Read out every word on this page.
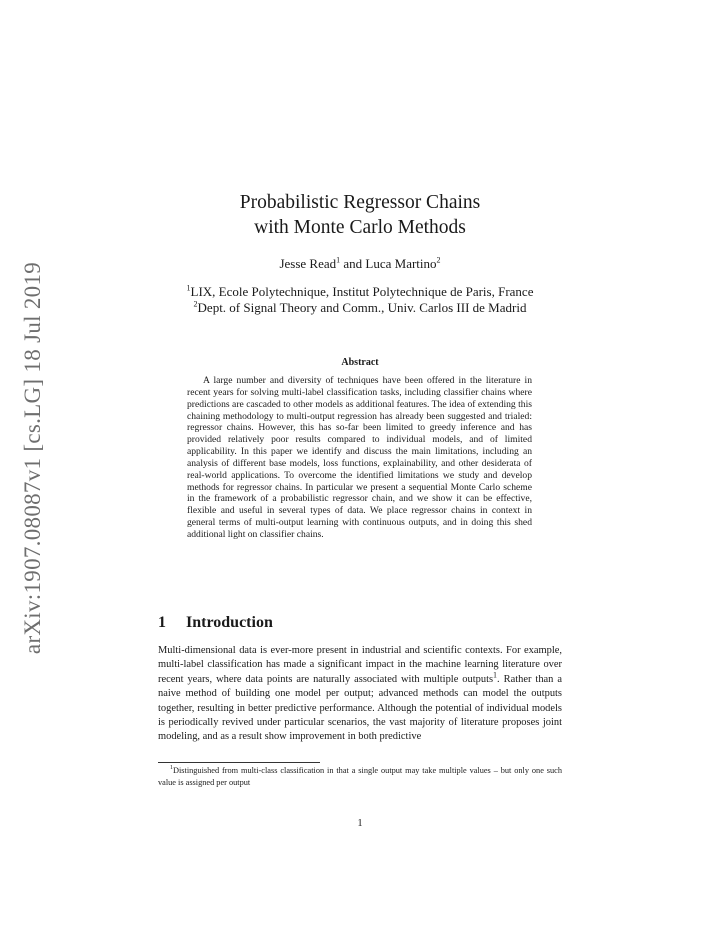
arXiv:1907.08087v1 [cs.LG] 18 Jul 2019
Probabilistic Regressor Chains
with Monte Carlo Methods
Jesse Read$^1$ and Luca Martino$^2$
$^1$LIX, Ecole Polytechnique, Institut Polytechnique de Paris, France
$^2$Dept. of Signal Theory and Comm., Univ. Carlos III de Madrid
Abstract

A large number and diversity of techniques have been offered in the literature in recent years for solving multi-label classification tasks, including classifier chains where predictions are cascaded to other models as additional features. The idea of extending this chaining methodology to multi-output regression has already been suggested and trialed: regressor chains. However, this has so-far been limited to greedy inference and has provided relatively poor results compared to individual models, and of limited applicability. In this paper we identify and discuss the main limitations, including an analysis of different base models, loss functions, explainability, and other desiderata of real-world applications. To overcome the identified limitations we study and develop methods for regressor chains. In particular we present a sequential Monte Carlo scheme in the framework of a probabilistic regressor chain, and we show it can be effective, flexible and useful in several types of data. We place regressor chains in context in general terms of multi-output learning with continuous outputs, and in doing this shed additional light on classifier chains.

1 Introduction

Multi-dimensional data is ever-more present in industrial and scientific contexts. For example, multi-label classification has made a significant impact in the machine learning literature over recent years, where data points are naturally associated with multiple outputs$^1$. Rather than a naive method of building one model per output; advanced methods can model the outputs together, resulting in better predictive performance. Although the potential of individual models is periodically revived under particular scenarios, the vast majority of literature proposes joint modeling, and as a result show improvement in both predictive

$^1$Distinguished from multi-class classification in that a single output may take multiple values – but only one such value is assigned per output

1
